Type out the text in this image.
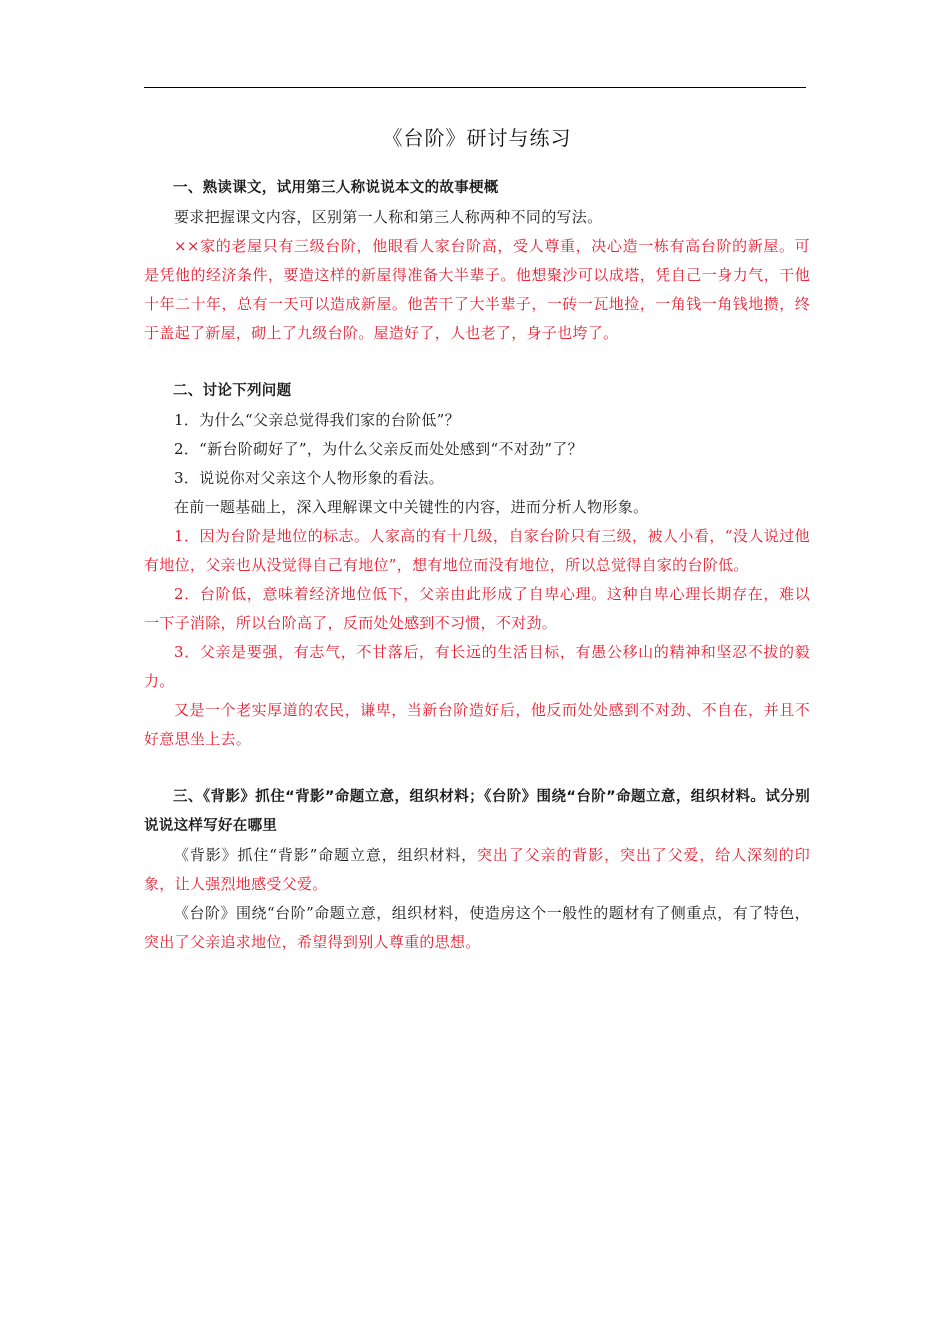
《台阶》研讨与练习

一、熟读课文，试用第三人称说说本文的故事梗概

要求把握课文内容，区别第一人称和第三人称两种不同的写法。

××家的老屋只有三级台阶，他眼看人家台阶高，受人尊重，决心造一栋有高台阶的新屋。可是凭他的经济条件，要造这样的新屋得准备大半辈子。他想聚沙可以成塔，凭自己一身力气，干他十年二十年，总有一天可以造成新屋。他苦干了大半辈子，一砖一瓦地捡，一角钱一角钱地攒，终于盖起了新屋，砌上了九级台阶。屋造好了，人也老了，身子也垮了。

二、讨论下列问题

1．为什么“父亲总觉得我们家的台阶低”？

2．“新台阶砌好了”，为什么父亲反而处处感到“不对劲”了？

3．说说你对父亲这个人物形象的看法。

在前一题基础上，深入理解课文中关键性的内容，进而分析人物形象。

1．因为台阶是地位的标志。人家高的有十几级，自家台阶只有三级，被人小看，“没人说过他有地位，父亲也从没觉得自己有地位”，想有地位而没有地位，所以总觉得自家的台阶低。

2．台阶低，意味着经济地位低下，父亲由此形成了自卑心理。这种自卑心理长期存在，难以一下子消除，所以台阶高了，反而处处感到不习惯，不对劲。

3．父亲是要强，有志气，不甘落后，有长远的生活目标，有愚公移山的精神和坚忍不拔的毅力。

又是一个老实厚道的农民，谦卑，当新台阶造好后，他反而处处感到不对劲、不自在，并且不好意思坐上去。

三、《背影》抓住“背影”命题立意，组织材料；《台阶》围绕“台阶”命题立意，组织材料。试分别说说这样写好在哪里

《背影》抓住“背影”命题立意，组织材料，突出了父亲的背影，突出了父爱，给人深刻的印象，让人强烈地感受父爱。

《台阶》围绕“台阶”命题立意，组织材料，使造房这个一般性的题材有了侧重点，有了特色，突出了父亲追求地位，希望得到别人尊重的思想。
